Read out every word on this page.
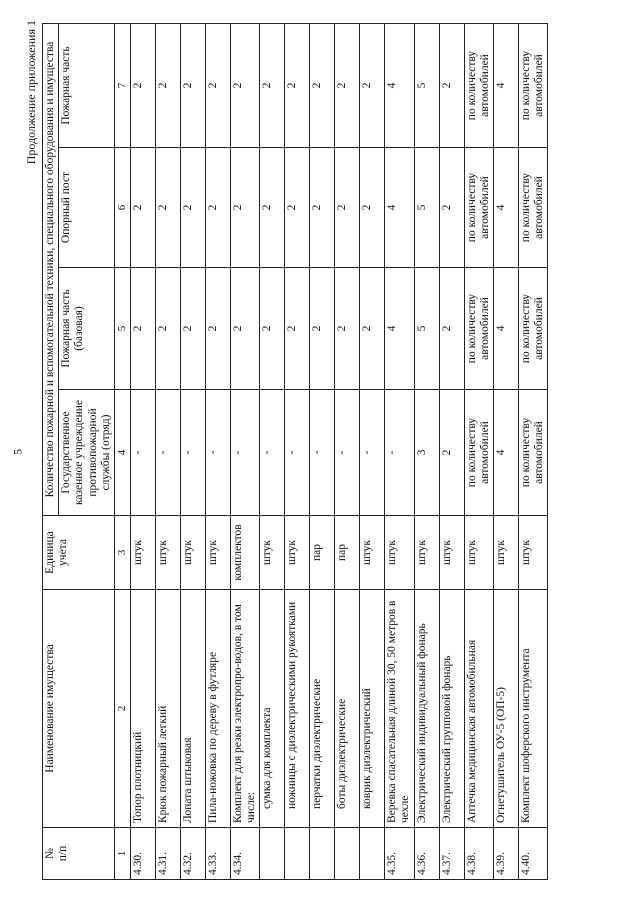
5
Продолжение приложения 1
№
п/п	Наименование имущества	Единица учета	Количество пожарной и вспомогательной техники, специального оборудования и имущества			
			Государственное казенное учреждение противопожарной службы (отряд)	Пожарная часть (базовая)	Опорный пост	Пожарная часть
1	2	3	4	5	6	7
4.30.	Топор плотницкий	штук	-	2	2	2
4.31.	Крюк пожарный легкий	штук	-	2	2	2
4.32.	Лопата штыковая	штук	-	2	2	2
4.33.	Пила-ножовка по дереву в футляре	штук	-	2	2	2
4.34.	Комплект для резки электропро-водов, в том числе:	комплектов	-	2	2	2
	сумка для комплекта	штук	-	2	2	2
	ножницы с диэлектрическими рукоятками	штук	-	2	2	2
	перчатки диэлектрические	пар	-	2	2	2
	боты диэлектрические	пар	-	2	2	2
	коврик диэлектрический	штук	-	2	2	2
4.35.	Веревка спасательная длиной 30, 50 метров в чехле	штук	-	4	4	4
4.36.	Электрический индивидуальный фонарь	штук	3	5	5	5
4.37.	Электрический групповой фонарь	штук	2	2	2	2
4.38.	Аптечка медицинская автомобильная	штук	по количеству автомобилей	по количеству автомобилей	по количеству автомобилей	по количеству автомобилей
4.39.	Огнетушитель ОУ-5 (ОП-5)	штук	4	4	4	4
4.40.	Комплект шоферского инструмента	штук	по количеству автомобилей	по количеству автомобилей	по количеству автомобилей	по количеству автомобилей
